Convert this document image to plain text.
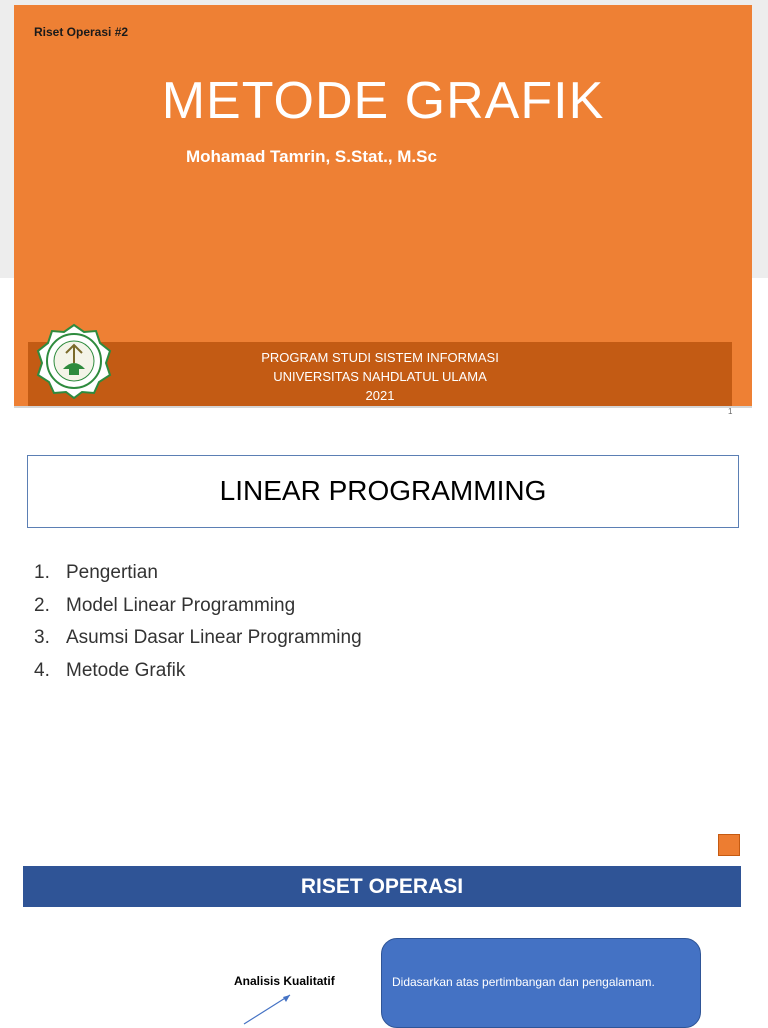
Riset Operasi #2
METODE GRAFIK
Mohamad Tamrin, S.Stat., M.Sc
PROGRAM STUDI SISTEM INFORMASI
UNIVERSITAS NAHDLATUL ULAMA
2021
1
LINEAR PROGRAMMING
1. Pengertian
2. Model Linear Programming
3. Asumsi Dasar Linear Programming
4. Metode Grafik
RISET OPERASI
Analisis Kualitatif	Didasarkan atas pertimbangan dan pengalamam.
